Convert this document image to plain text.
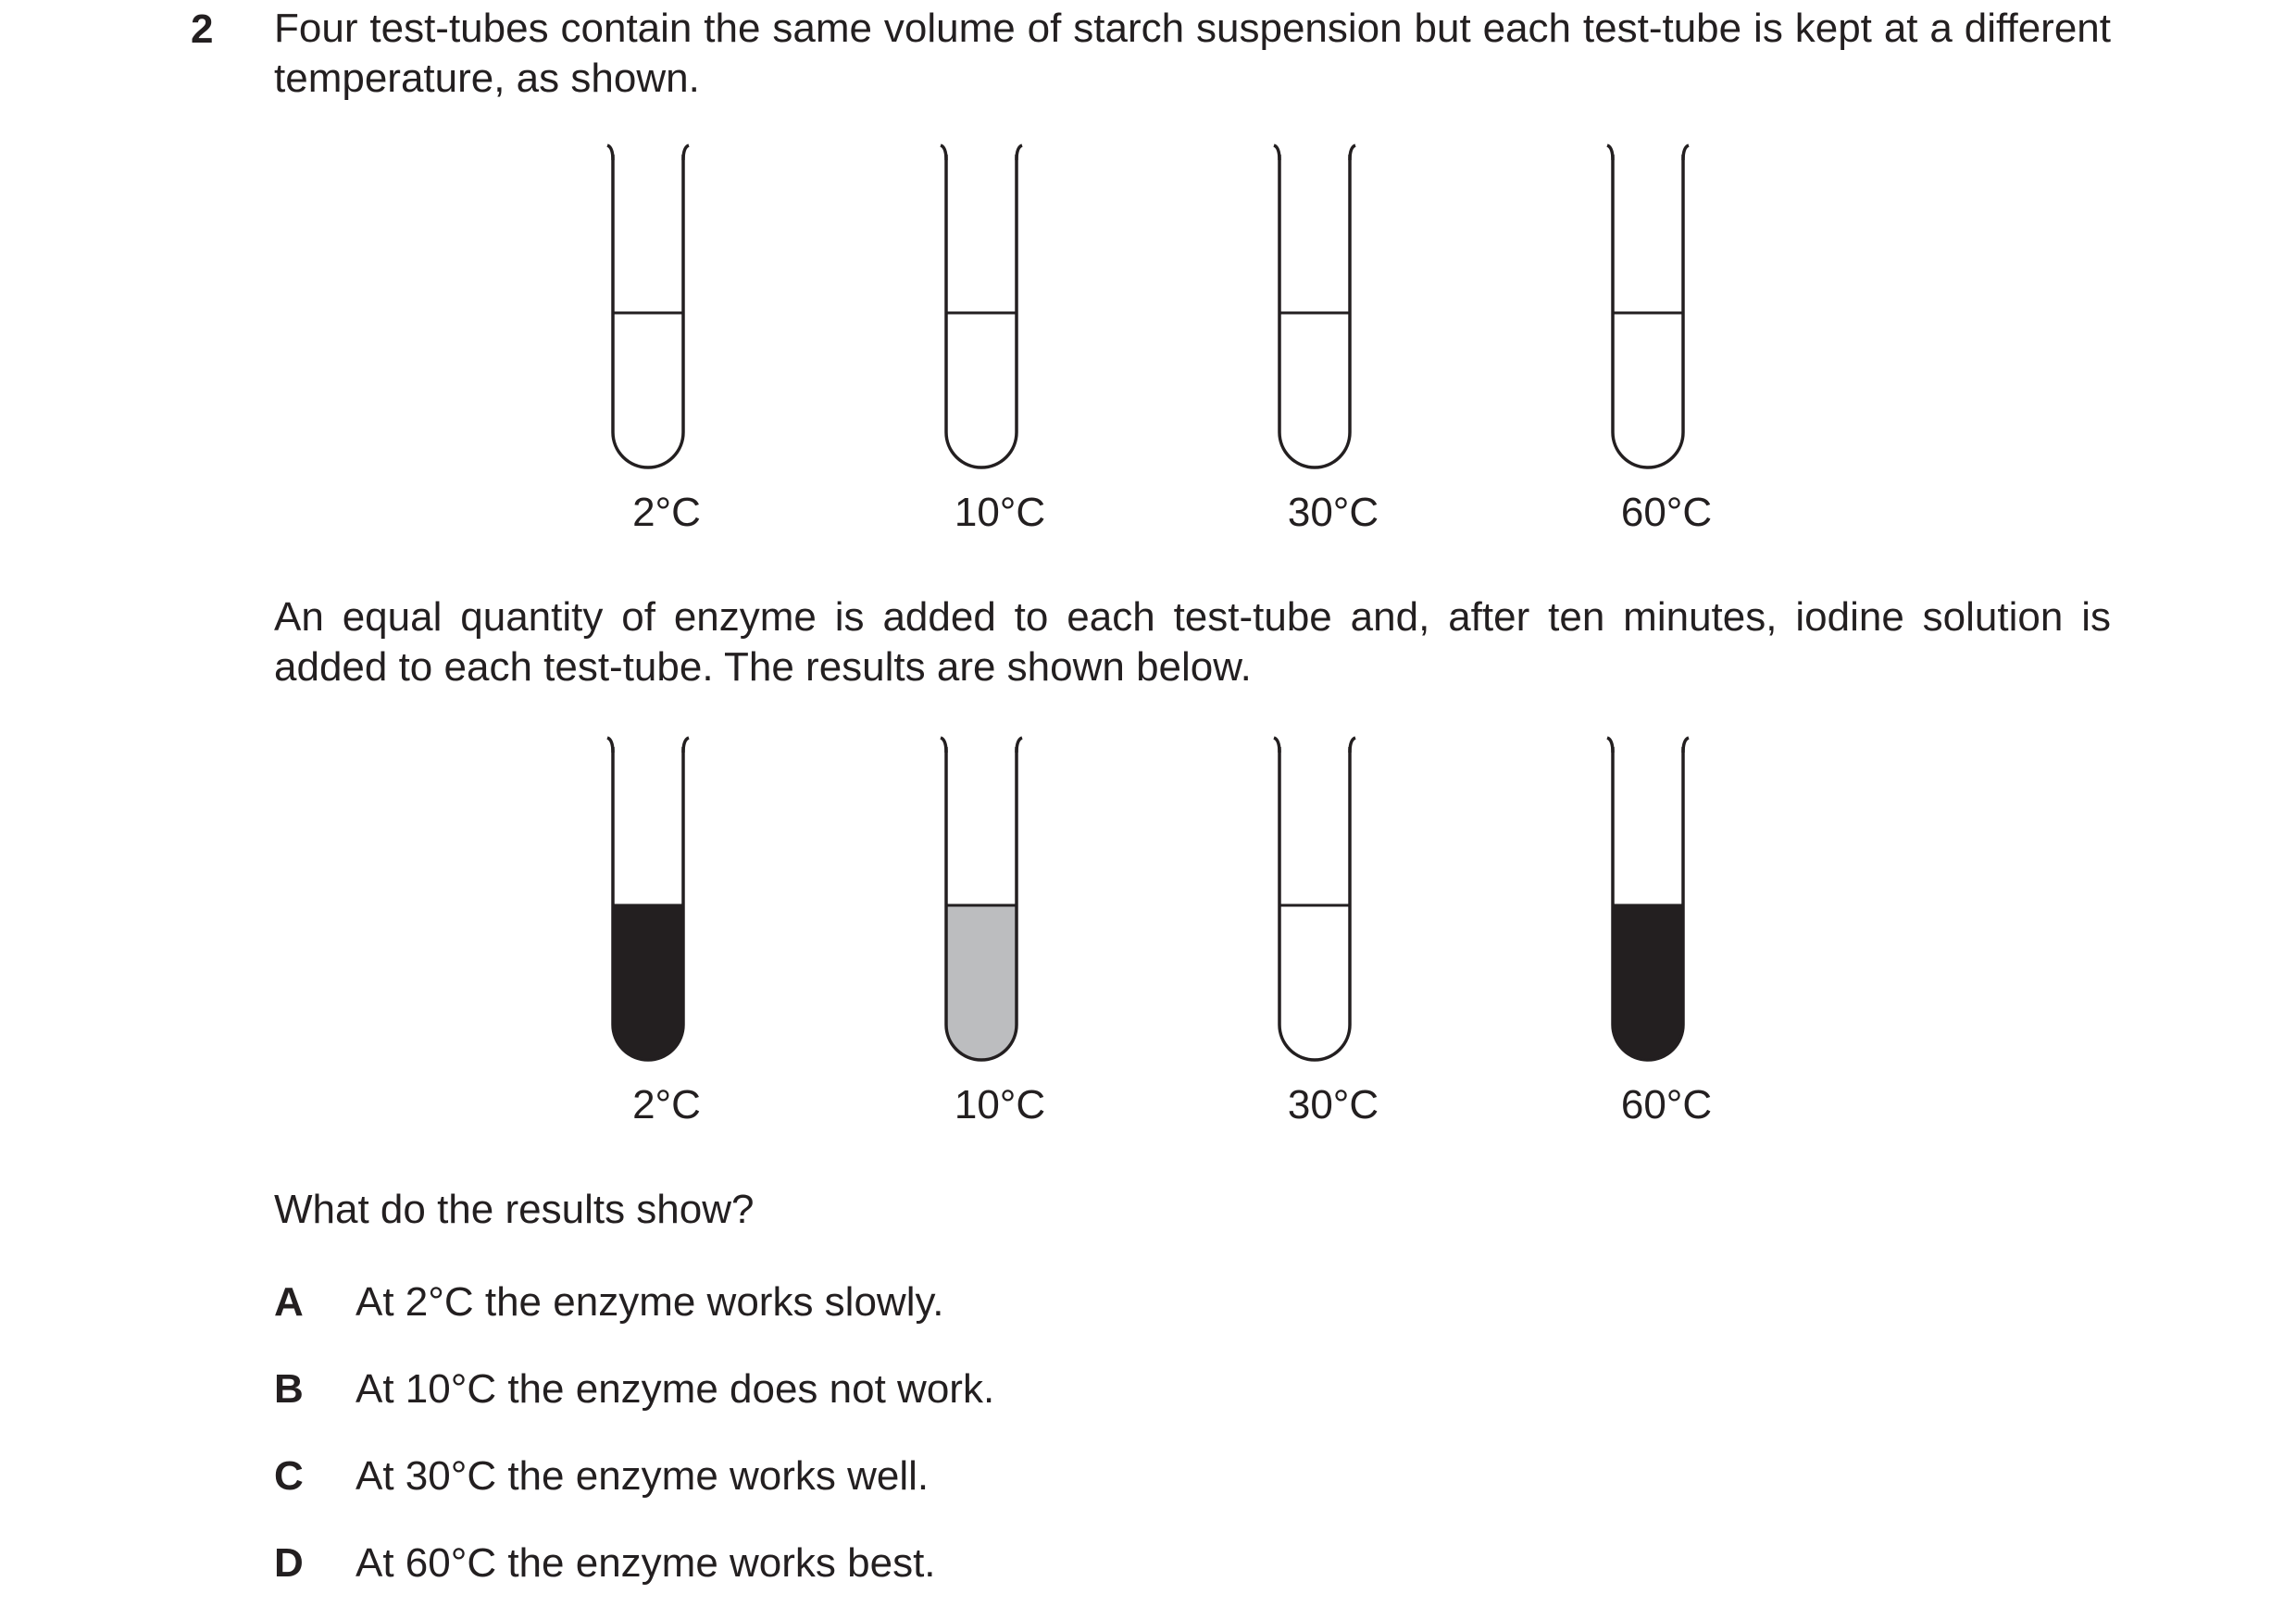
2 Four test-tubes contain the same volume of starch suspension but each test-tube is kept at a different temperature, as shown.

2°C	10°C	30°C	60°C

An equal quantity of enzyme is added to each test-tube and, after ten minutes, iodine solution is added to each test-tube. The results are shown below.

2°C	10°C	30°C	60°C
What do the results show?
A At 2°C the enzyme works slowly.
B At 10°C the enzyme does not work.
C At 30°C the enzyme works well.
D At 60°C the enzyme works best.
